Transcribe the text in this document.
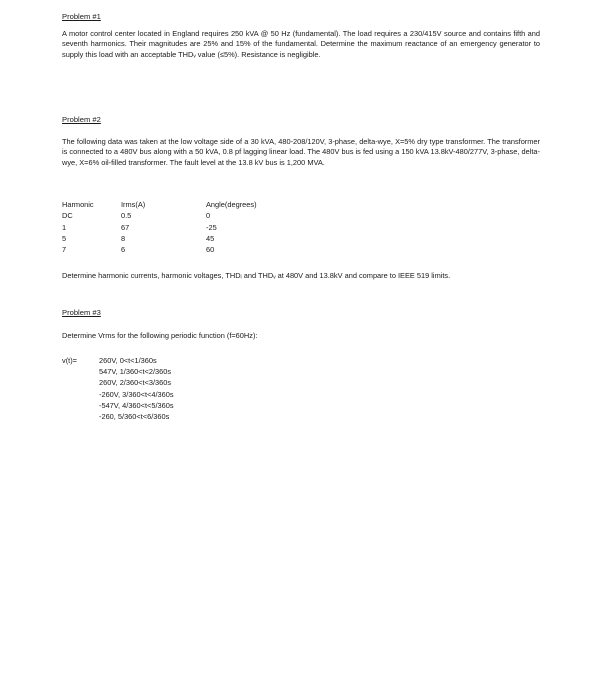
Problem #1

A motor control center located in England requires 250 kVA @ 50 Hz (fundamental). The load requires a 230/415V source and contains fifth and seventh harmonics. Their magnitudes are 25% and 15% of the fundamental. Determine the maximum reactance of an emergency generator to supply this load with an acceptable THDᵥ value (≤5%). Resistance is negligible.

Problem #2

The following data was taken at the low voltage side of a 30 kVA, 480-208/120V, 3-phase, delta-wye, X=5% dry type transformer. The transformer is connected to a 480V bus along with a 50 kVA, 0.8 pf lagging linear load. The 480V bus is fed using a 150 kVA 13.8kV-480/277V, 3-phase, delta-wye, X=6% oil-filled transformer. The fault level at the 13.8 kV bus is 1,200 MVA.

Harmonic	Irms(A)	Angle(degrees)
DC	0.5	0
1	67	-25
5	8	45
7	6	60

Determine harmonic currents, harmonic voltages, THDᵢ and THDᵥ at 480V and 13.8kV and compare to IEEE 519 limits.

Problem #3

Determine Vrms for the following periodic function (f=60Hz):

v(t)=	260V, 0<t<1/360s
547V, 1/360<t<2/360s
260V, 2/360<t<3/360s
-260V, 3/360<t<4/360s
-547V, 4/360<t<5/360s
-260, 5/360<t<6/360s
